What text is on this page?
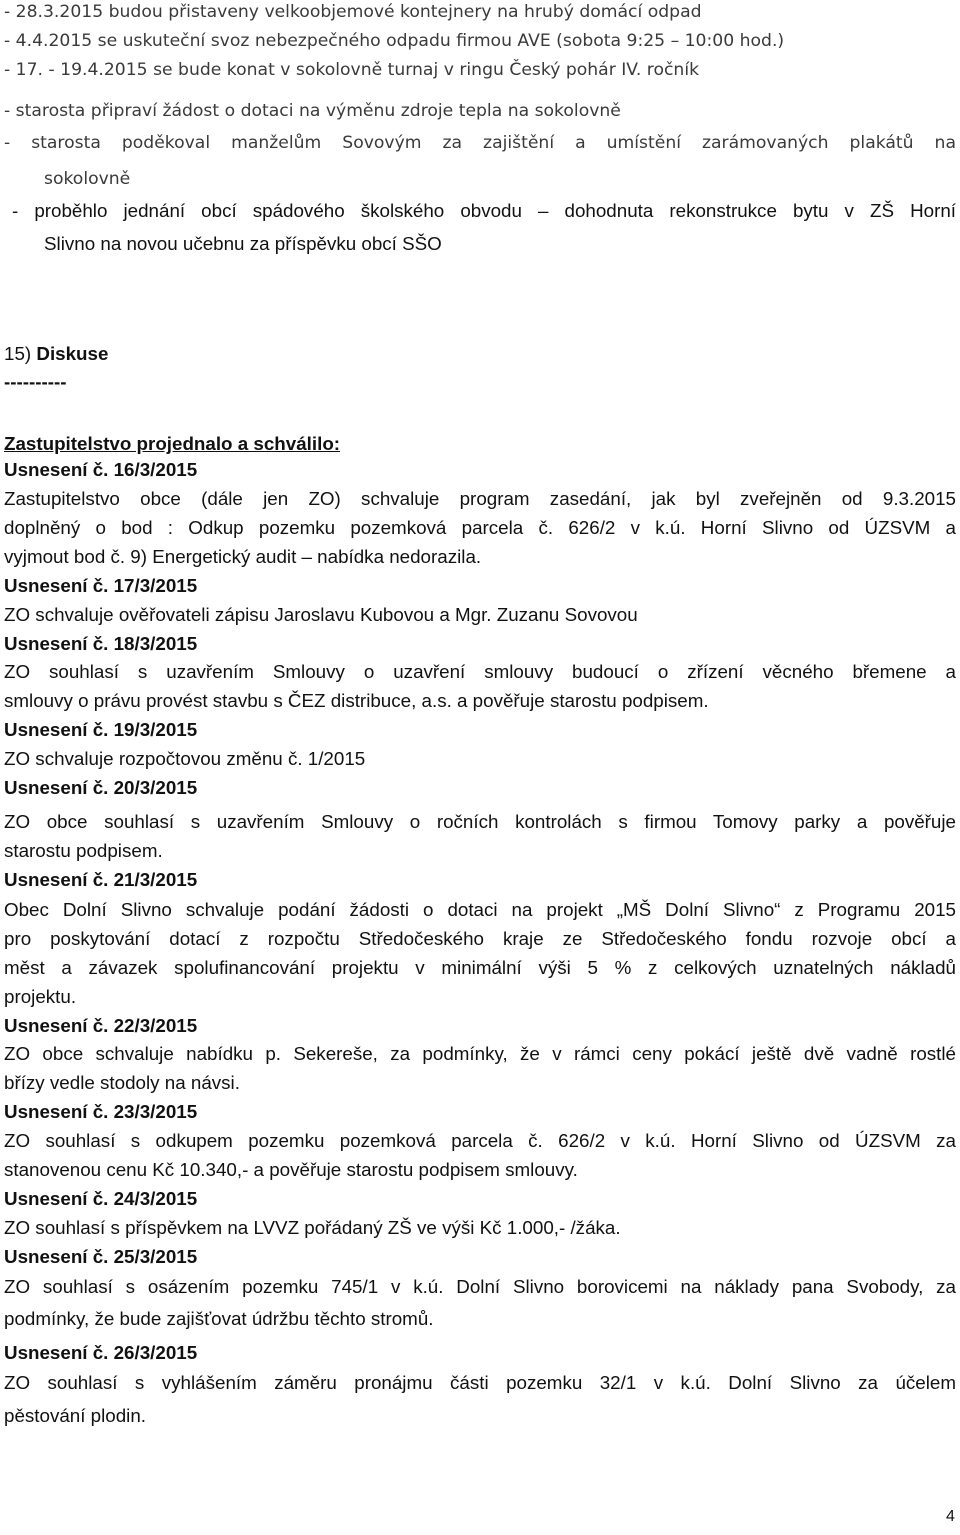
- 28.3.2015 budou přistaveny velkoobjemové kontejnery na hrubý domácí odpad

- 4.4.2015 se uskuteční svoz nebezpečného odpadu firmou AVE (sobota 9:25 – 10:00 hod.)

- 17. - 19.4.2015 se bude konat v sokolovně turnaj v ringu Český pohár IV. ročník

- starosta připraví žádost o dotaci na výměnu zdroje tepla na sokolovně

- starosta poděkoval manželům Sovovým za zajištění a umístění zarámovaných plakátů na

sokolovně

- proběhlo jednání obcí spádového školského obvodu – dohodnuta rekonstrukce bytu v ZŠ Horní

Slivno na novou učebnu za příspěvku obcí SŠO

15) Diskuse

----------

Zastupitelstvo projednalo a schválilo:

Usnesení č. 16/3/2015

Zastupitelstvo obce (dále jen ZO) schvaluje program zasedání, jak byl zveřejněn od 9.3.2015

doplněný o bod : Odkup pozemku pozemková parcela č. 626/2 v k.ú. Horní Slivno od ÚZSVM a

vyjmout bod č. 9) Energetický audit – nabídka nedorazila.

Usnesení č. 17/3/2015

ZO schvaluje ověřovateli zápisu Jaroslavu Kubovou a Mgr. Zuzanu Sovovou

Usnesení č. 18/3/2015

ZO souhlasí s uzavřením Smlouvy o uzavření smlouvy budoucí o zřízení věcného břemene a

smlouvy o právu provést stavbu s ČEZ distribuce, a.s. a pověřuje starostu podpisem.

Usnesení č. 19/3/2015

ZO schvaluje rozpočtovou změnu č. 1/2015

Usnesení č. 20/3/2015

ZO obce souhlasí s uzavřením Smlouvy o ročních kontrolách s firmou Tomovy parky a pověřuje

starostu podpisem.

Usnesení č. 21/3/2015

Obec Dolní Slivno schvaluje podání žádosti o dotaci na projekt „MŠ Dolní Slivno“ z Programu 2015

pro poskytování dotací z rozpočtu Středočeského kraje ze Středočeského fondu rozvoje obcí a

měst a závazek spolufinancování projektu v minimální výši 5 % z celkových uznatelných nákladů

projektu.

Usnesení č. 22/3/2015

ZO obce schvaluje nabídku p. Sekereše, za podmínky, že v rámci ceny pokácí ještě dvě vadně rostlé

břízy vedle stodoly na návsi.

Usnesení č. 23/3/2015

ZO souhlasí s odkupem pozemku pozemková parcela č. 626/2 v k.ú. Horní Slivno od ÚZSVM za

stanovenou cenu Kč 10.340,- a pověřuje starostu podpisem smlouvy.

Usnesení č. 24/3/2015

ZO souhlasí s příspěvkem na LVVZ pořádaný ZŠ ve výši Kč 1.000,- /žáka.

Usnesení č. 25/3/2015

ZO souhlasí s osázením pozemku 745/1 v k.ú. Dolní Slivno borovicemi na náklady pana Svobody, za

podmínky, že bude zajišťovat údržbu těchto stromů.

Usnesení č. 26/3/2015

ZO souhlasí s vyhlášením záměru pronájmu části pozemku 32/1 v k.ú. Dolní Slivno za účelem

pěstování plodin.

4
